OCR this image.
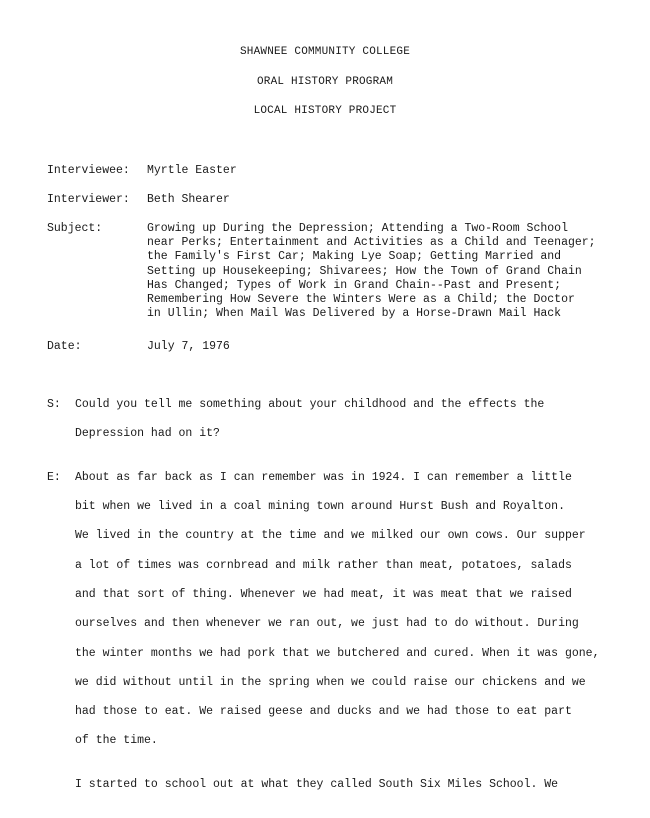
SHAWNEE COMMUNITY COLLEGE
ORAL HISTORY PROGRAM
LOCAL HISTORY PROJECT
Interviewee: Myrtle Easter
Interviewer: Beth Shearer
Subject:	Growing up During the Depression; Attending a Two-Room School
near Perks; Entertainment and Activities as a Child and Teenager;
the Family's First Car; Making Lye Soap; Getting Married and
Setting up Housekeeping; Shivarees; How the Town of Grand Chain
Has Changed; Types of Work in Grand Chain--Past and Present;
Remembering How Severe the Winters Were as a Child; the Doctor
in Ullin; When Mail Was Delivered by a Horse-Drawn Mail Hack
Date:	July 7, 1976
S: Could you tell me something about your childhood and the effects the
Depression had on it?
E: About as far back as I can remember was in 1924. I can remember a little
bit when we lived in a coal mining town around Hurst Bush and Royalton.
We lived in the country at the time and we milked our own cows. Our supper
a lot of times was cornbread and milk rather than meat, potatoes, salads
and that sort of thing. Whenever we had meat, it was meat that we raised
ourselves and then whenever we ran out, we just had to do without. During
the winter months we had pork that we butchered and cured. When it was gone,
we did without until in the spring when we could raise our chickens and we
had those to eat. We raised geese and ducks and we had those to eat part
of the time.
I started to school out at what they called South Six Miles School. We
